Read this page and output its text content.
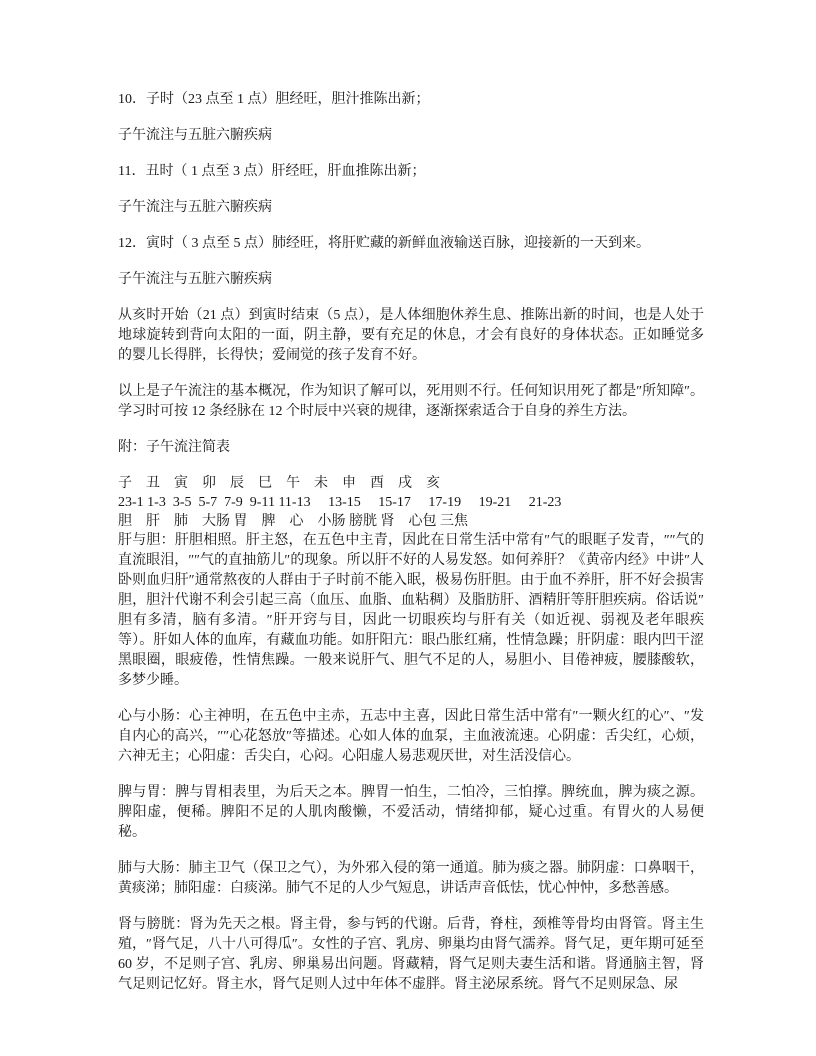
10．子时（23 点至 1 点）胆经旺，胆汁推陈出新；

子午流注与五脏六腑疾病

11．丑时（ 1 点至 3 点）肝经旺，肝血推陈出新；

子午流注与五脏六腑疾病

12．寅时（ 3 点至 5 点）肺经旺，将肝贮藏的新鲜血液输送百脉，迎接新的一天到来。

子午流注与五脏六腑疾病

从亥时开始（21 点）到寅时结束（5 点），是人体细胞休养生息、推陈出新的时间，也是人处于地球旋转到背向太阳的一面，阴主静，要有充足的休息，才会有良好的身体状态。正如睡觉多的婴儿长得胖，长得快；爱闹觉的孩子发育不好。

以上是子午流注的基本概况，作为知识了解可以，死用则不行。任何知识用死了都是″所知障″。学习时可按 12 条经脉在 12 个时辰中兴衰的规律，逐渐探索适合于自身的养生方法。

附：子午流注简表

子　丑　寅　卯　辰　巳　午　未　申　酉　戌　亥

23-1 1-3  3-5  5-7  7-9  9-11 11-13     13-15     15-17     17-19     19-21     21-23

胆　肝　肺　大肠 胃　脾　心　小肠 膀胱 肾　心包 三焦

肝与胆：肝胆相照。肝主怒，在五色中主青，因此在日常生活中常有″气的眼眶子发青，″″气的直流眼泪，″″气的直抽筋儿″的现象。所以肝不好的人易发怒。如何养肝？《黄帝内经》中讲″人卧则血归肝″通常熬夜的人群由于子时前不能入眠，极易伤肝胆。由于血不养肝，肝不好会损害胆，胆汁代谢不利会引起三高（血压、血脂、血粘稠）及脂肪肝、酒精肝等肝胆疾病。俗话说″胆有多清，脑有多清。″肝开窍与目，因此一切眼疾均与肝有关（如近视、弱视及老年眼疾等）。肝如人体的血库，有藏血功能。如肝阳亢：眼凸胀红痛，性情急躁；肝阴虚：眼内凹干涩黑眼圈，眼疲倦，性情焦躁。一般来说肝气、胆气不足的人，易胆小、目倦神疲，腰膝酸软，多梦少睡。

心与小肠：心主神明，在五色中主赤，五志中主喜，因此日常生活中常有″一颗火红的心″、″发自内心的高兴，″″心花怒放″等描述。心如人体的血泵，主血液流速。心阴虚：舌尖红，心烦，六神无主；心阳虚：舌尖白，心闷。心阳虚人易悲观厌世，对生活没信心。

脾与胃：脾与胃相表里，为后天之本。脾胃一怕生，二怕冷，三怕撑。脾统血，脾为痰之源。脾阳虚，便稀。脾阳不足的人肌肉酸懒，不爱活动，情绪抑郁，疑心过重。有胃火的人易便秘。

肺与大肠：肺主卫气（保卫之气），为外邪入侵的第一通道。肺为痰之器。肺阴虚：口鼻咽干，黄痰涕；肺阳虚：白痰涕。肺气不足的人少气短息，讲话声音低怯，忧心忡忡，多愁善感。

肾与膀胱：肾为先天之根。肾主骨，参与钙的代谢。后背，脊柱，颈椎等骨均由肾管。肾主生殖，″肾气足，八十八可得瓜″。女性的子宫、乳房、卵巢均由肾气濡养。肾气足，更年期可延至 60 岁，不足则子宫、乳房、卵巢易出问题。肾藏精，肾气足则夫妻生活和谐。肾通脑主智，肾气足则记忆好。肾主水，肾气足则人过中年体不虚胖。肾主泌尿系统。肾气不足则尿急、尿
